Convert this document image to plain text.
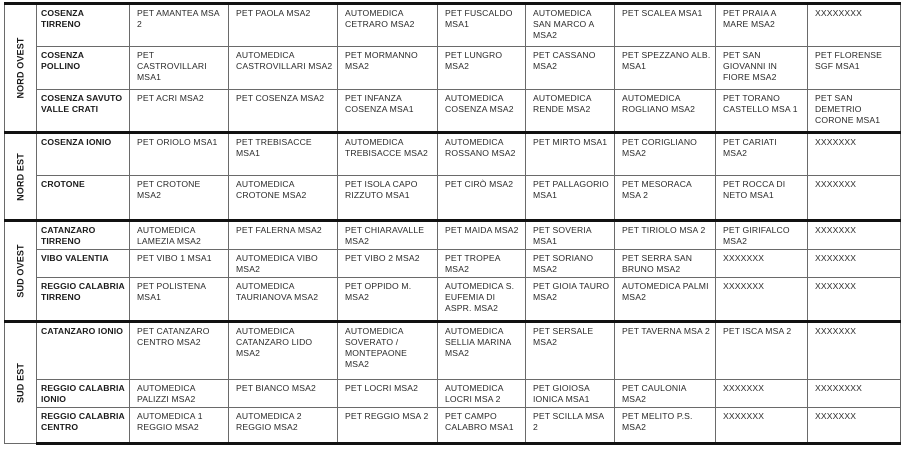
NORD OVEST	COSENZA TIRRENO	PET AMANTEA MSA 2	PET PAOLA MSA2	AUTOMEDICA CETRARO MSA2	PET FUSCALDO MSA1	AUTOMEDICA SAN MARCO A MSA2	PET SCALEA MSA1	PET PRAIA A MARE MSA2	XXXXXXXX
	COSENZA POLLINO	PET CASTROVILLARI MSA1	AUTOMEDICA CASTROVILLARI MSA2	PET MORMANNO MSA2	PET LUNGRO MSA2	PET CASSANO MSA2	PET SPEZZANO ALB. MSA1	PET SAN GIOVANNI IN FIORE MSA2	PET FLORENSE SGF MSA1
	COSENZA SAVUTO VALLE CRATI	PET ACRI MSA2	PET COSENZA MSA2	PET INFANZA COSENZA MSA1	AUTOMEDICA COSENZA MSA2	AUTOMEDICA RENDE MSA2	AUTOMEDICA ROGLIANO MSA2	PET TORANO CASTELLO MSA 1	PET SAN DEMETRIO CORONE MSA1

NORD EST	COSENZA IONIO	PET ORIOLO MSA1	PET TREBISACCE MSA1	AUTOMEDICA TREBISACCE MSA2	AUTOMEDICA ROSSANO MSA2	PET MIRTO MSA1	PET CORIGLIANO MSA2	PET CARIATI MSA2	XXXXXXX
	CROTONE	PET CROTONE MSA2	AUTOMEDICA CROTONE MSA2	PET ISOLA CAPO RIZZUTO MSA1	PET CIRÒ MSA2	PET PALLAGORIO MSA1	PET MESORACA MSA 2	PET ROCCA DI NETO MSA1	XXXXXXX

SUD OVEST	CATANZARO TIRRENO	AUTOMEDICA LAMEZIA MSA2	PET FALERNA MSA2	PET CHIARAVALLE MSA2	PET MAIDA MSA2	PET SOVERIA MSA1	PET TIRIOLO MSA 2	PET GIRIFALCO MSA2	XXXXXXX
	VIBO VALENTIA	PET VIBO 1 MSA1	AUTOMEDICA VIBO MSA2	PET VIBO 2 MSA2	PET TROPEA MSA2	PET SORIANO MSA2	PET SERRA SAN BRUNO MSA2	XXXXXXX	XXXXXXX
	REGGIO CALABRIA TIRRENO	PET POLISTENA MSA1	AUTOMEDICA TAURIANOVA MSA2	PET OPPIDO M. MSA2	AUTOMEDICA S. EUFEMIA DI ASPR. MSA2	PET GIOIA TAURO MSA2	AUTOMEDICA PALMI MSA2	XXXXXXX	XXXXXXX

SUD EST	CATANZARO IONIO	PET CATANZARO CENTRO MSA2	AUTOMEDICA CATANZARO LIDO MSA2	AUTOMEDICA SOVERATO / MONTEPAONE MSA2	AUTOMEDICA SELLIA MARINA MSA2	PET SERSALE MSA2	PET TAVERNA MSA 2	PET ISCA MSA 2	XXXXXXX
	REGGIO CALABRIA IONIO	AUTOMEDICA PALIZZI MSA2	PET BIANCO MSA2	PET LOCRI MSA2	AUTOMEDICA LOCRI MSA 2	PET GIOIOSA IONICA MSA1	PET CAULONIA MSA2	XXXXXXX	XXXXXXXX
	REGGIO CALABRIA CENTRO	AUTOMEDICA 1 REGGIO MSA2	AUTOMEDICA 2 REGGIO MSA2	PET REGGIO MSA 2	PET CAMPO CALABRO MSA1	PET SCILLA MSA 2	PET MELITO P.S. MSA2	XXXXXXX	XXXXXXX
